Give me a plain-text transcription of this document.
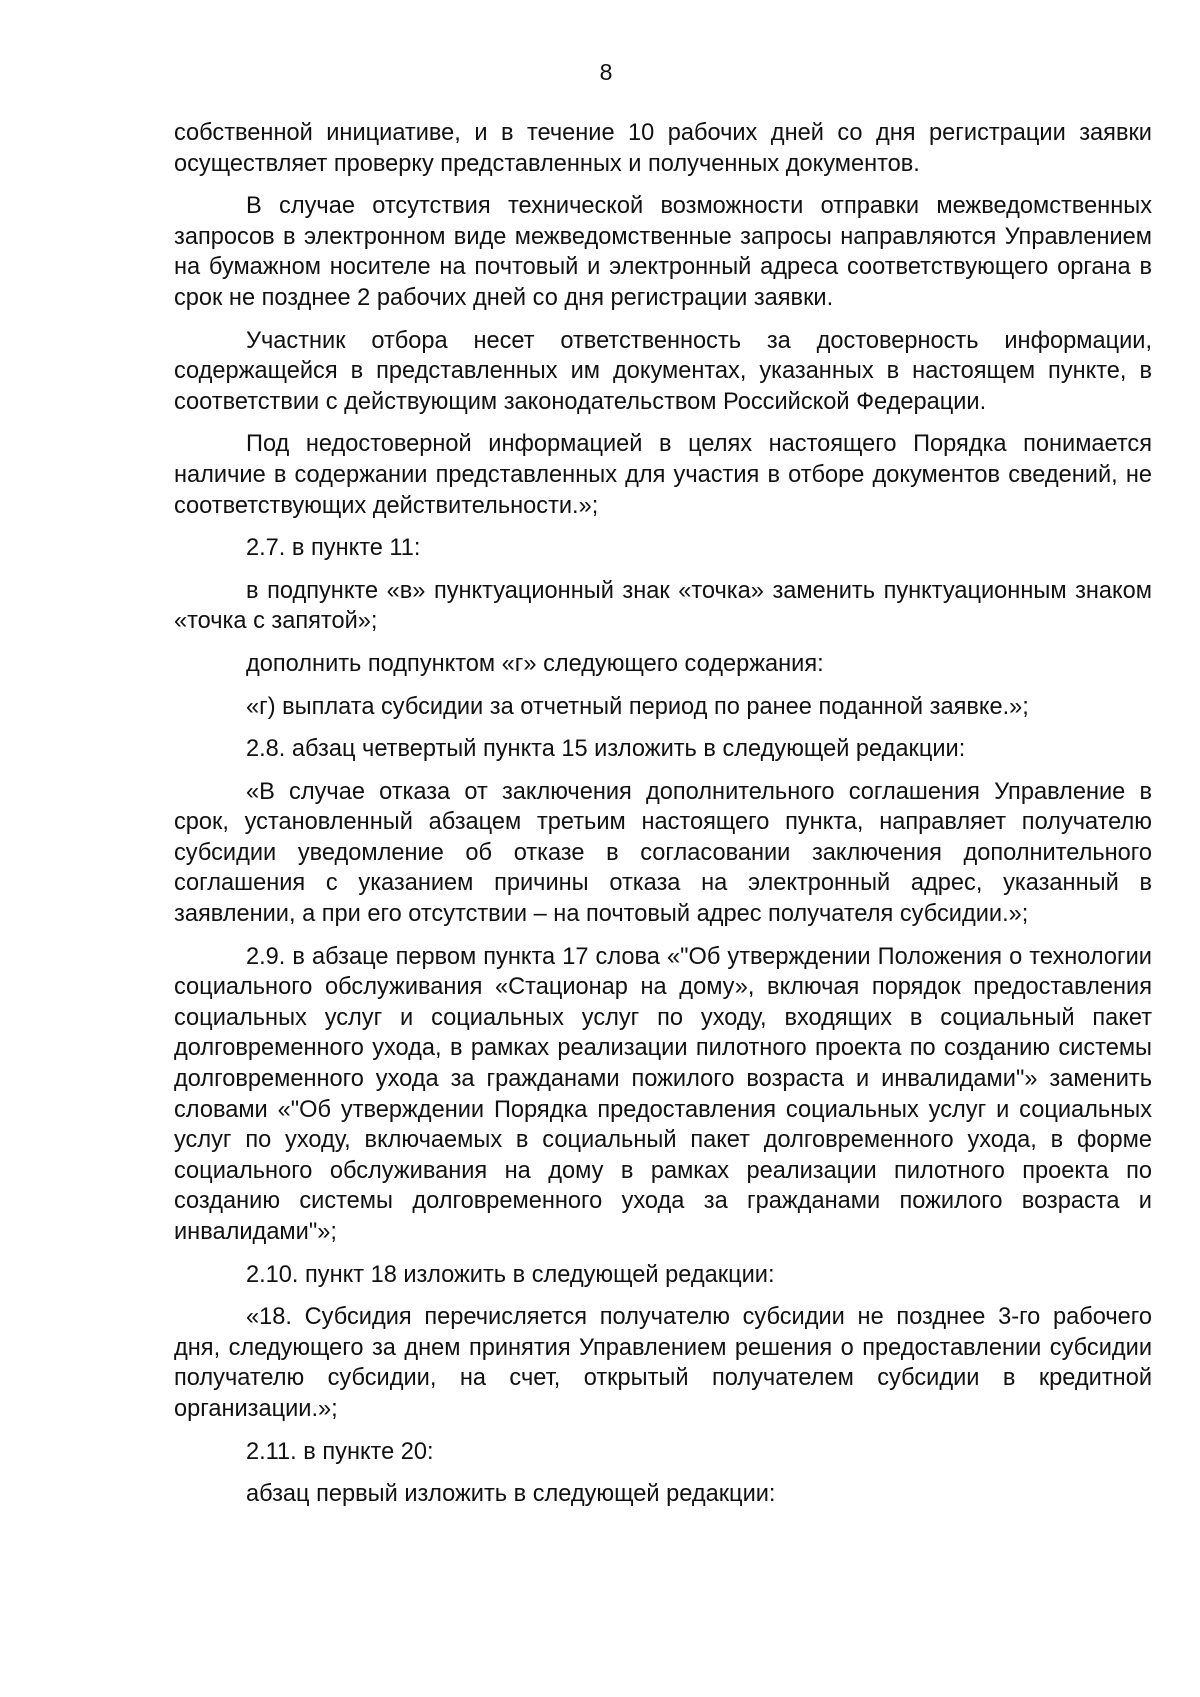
8

собственной инициативе, и в течение 10 рабочих дней со дня регистрации заявки осуществляет проверку представленных и полученных документов.

В случае отсутствия технической возможности отправки межведомственных запросов в электронном виде межведомственные запросы направляются Управлением на бумажном носителе на почтовый и электронный адреса соответствующего органа в срок не позднее 2 рабочих дней со дня регистрации заявки.

Участник отбора несет ответственность за достоверность информации, содержащейся в представленных им документах, указанных в настоящем пункте, в соответствии с действующим законодательством Российской Федерации.

Под недостоверной информацией в целях настоящего Порядка понимается наличие в содержании представленных для участия в отборе документов сведений, не соответствующих действительности.»;

2.7. в пункте 11:

в подпункте «в» пунктуационный знак «точка» заменить пунктуационным знаком «точка с запятой»;

дополнить подпунктом «г» следующего содержания:

«г) выплата субсидии за отчетный период по ранее поданной заявке.»;

2.8. абзац четвертый пункта 15 изложить в следующей редакции:

«В случае отказа от заключения дополнительного соглашения Управление в срок, установленный абзацем третьим настоящего пункта, направляет получателю субсидии уведомление об отказе в согласовании заключения дополнительного соглашения с указанием причины отказа на электронный адрес, указанный в заявлении, а при его отсутствии – на почтовый адрес получателя субсидии.»;

2.9. в абзаце первом пункта 17 слова «"Об утверждении Положения о технологии социального обслуживания «Стационар на дому», включая порядок предоставления социальных услуг и социальных услуг по уходу, входящих в социальный пакет долговременного ухода, в рамках реализации пилотного проекта по созданию системы долговременного ухода за гражданами пожилого возраста и инвалидами"» заменить словами «"Об утверждении Порядка предоставления социальных услуг и социальных услуг по уходу, включаемых в социальный пакет долговременного ухода, в форме социального обслуживания на дому в рамках реализации пилотного проекта по созданию системы долговременного ухода за гражданами пожилого возраста и инвалидами"»;

2.10. пункт 18 изложить в следующей редакции:

«18. Субсидия перечисляется получателю субсидии не позднее 3-го рабочего дня, следующего за днем принятия Управлением решения о предоставлении субсидии получателю субсидии, на счет, открытый получателем субсидии в кредитной организации.»;

2.11. в пункте 20:

абзац первый изложить в следующей редакции:
